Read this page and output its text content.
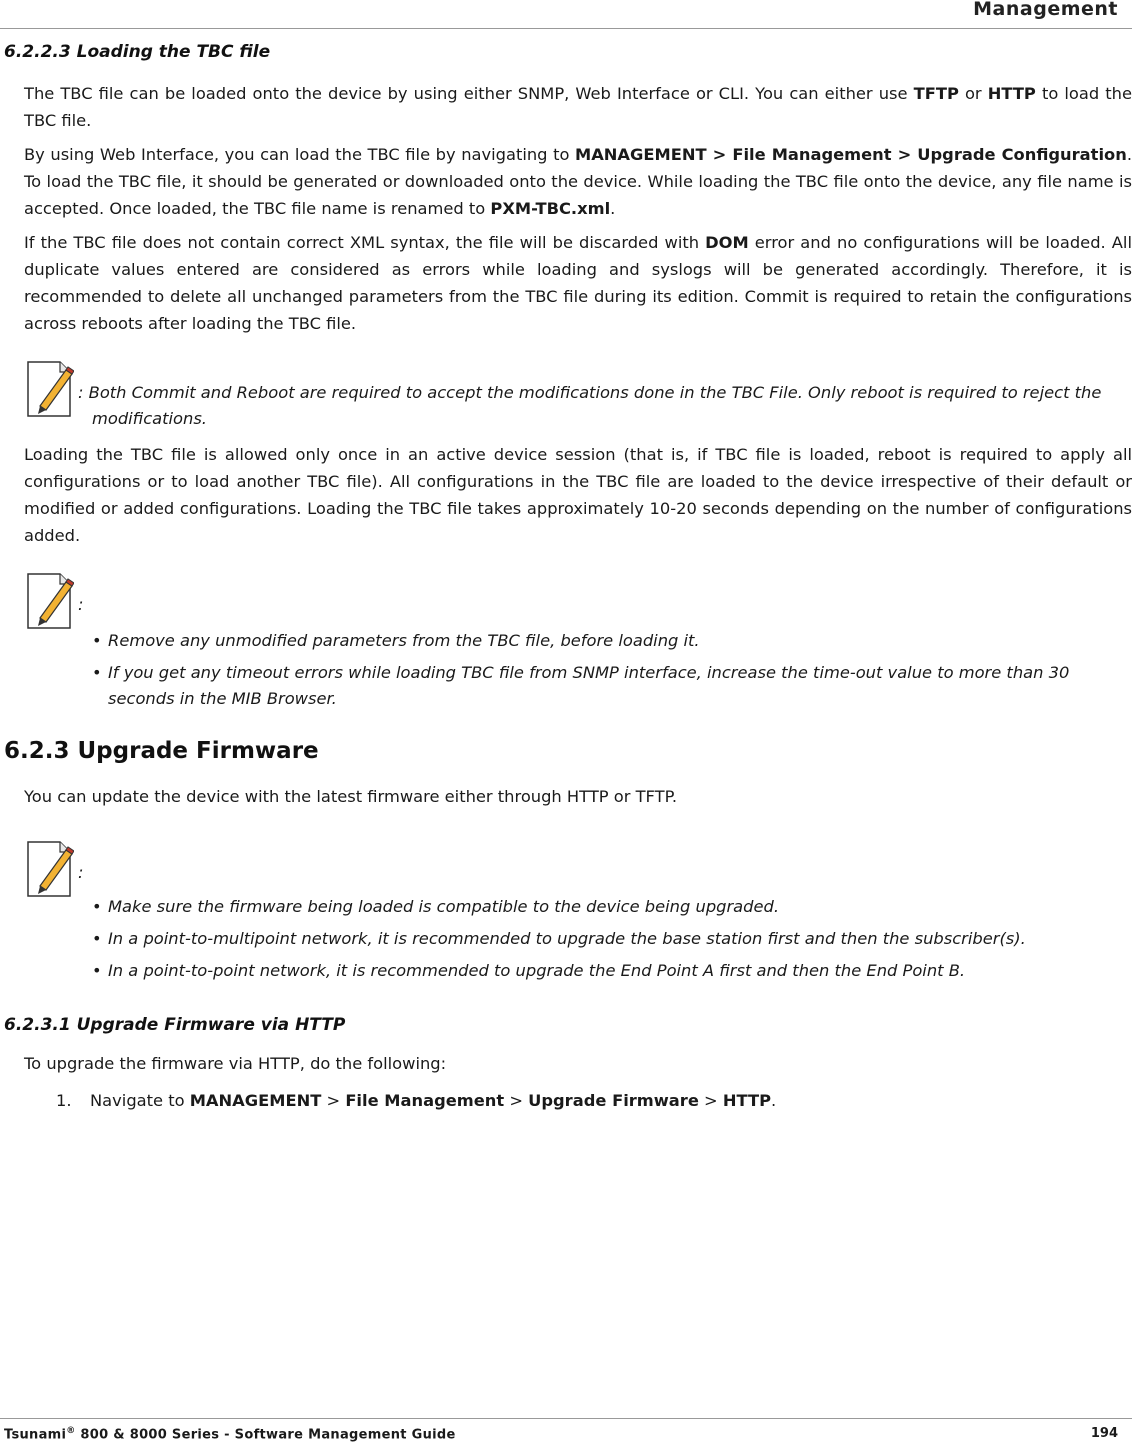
Management
6.2.2.3 Loading the TBC file
The TBC file can be loaded onto the device by using either SNMP, Web Interface or CLI. You can either use TFTP or HTTP to load the TBC file.
By using Web Interface, you can load the TBC file by navigating to MANAGEMENT > File Management > Upgrade Configuration. To load the TBC file, it should be generated or downloaded onto the device. While loading the TBC file onto the device, any file name is accepted. Once loaded, the TBC file name is renamed to PXM-TBC.xml.
If the TBC file does not contain correct XML syntax, the file will be discarded with DOM error and no configurations will be loaded. All duplicate values entered are considered as errors while loading and syslogs will be generated accordingly. Therefore, it is recommended to delete all unchanged parameters from the TBC file during its edition. Commit is required to retain the configurations across reboots after loading the TBC file.
: Both Commit and Reboot are required to accept the modifications done in the TBC File. Only reboot is required to reject the modifications.
Loading the TBC file is allowed only once in an active device session (that is, if TBC file is loaded, reboot is required to apply all configurations or to load another TBC file). All configurations in the TBC file are loaded to the device irrespective of their default or modified or added configurations. Loading the TBC file takes approximately 10-20 seconds depending on the number of configurations added.
:
• Remove any unmodified parameters from the TBC file, before loading it.
• If you get any timeout errors while loading TBC file from SNMP interface, increase the time-out value to more than 30 seconds in the MIB Browser.
6.2.3 Upgrade Firmware
You can update the device with the latest firmware either through HTTP or TFTP.
:
• Make sure the firmware being loaded is compatible to the device being upgraded.
• In a point-to-multipoint network, it is recommended to upgrade the base station first and then the subscriber(s).
• In a point-to-point network, it is recommended to upgrade the End Point A first and then the End Point B.
6.2.3.1 Upgrade Firmware via HTTP
To upgrade the firmware via HTTP, do the following:
1. Navigate to MANAGEMENT > File Management > Upgrade Firmware > HTTP.
Tsunami® 800 & 8000 Series - Software Management Guide	194
